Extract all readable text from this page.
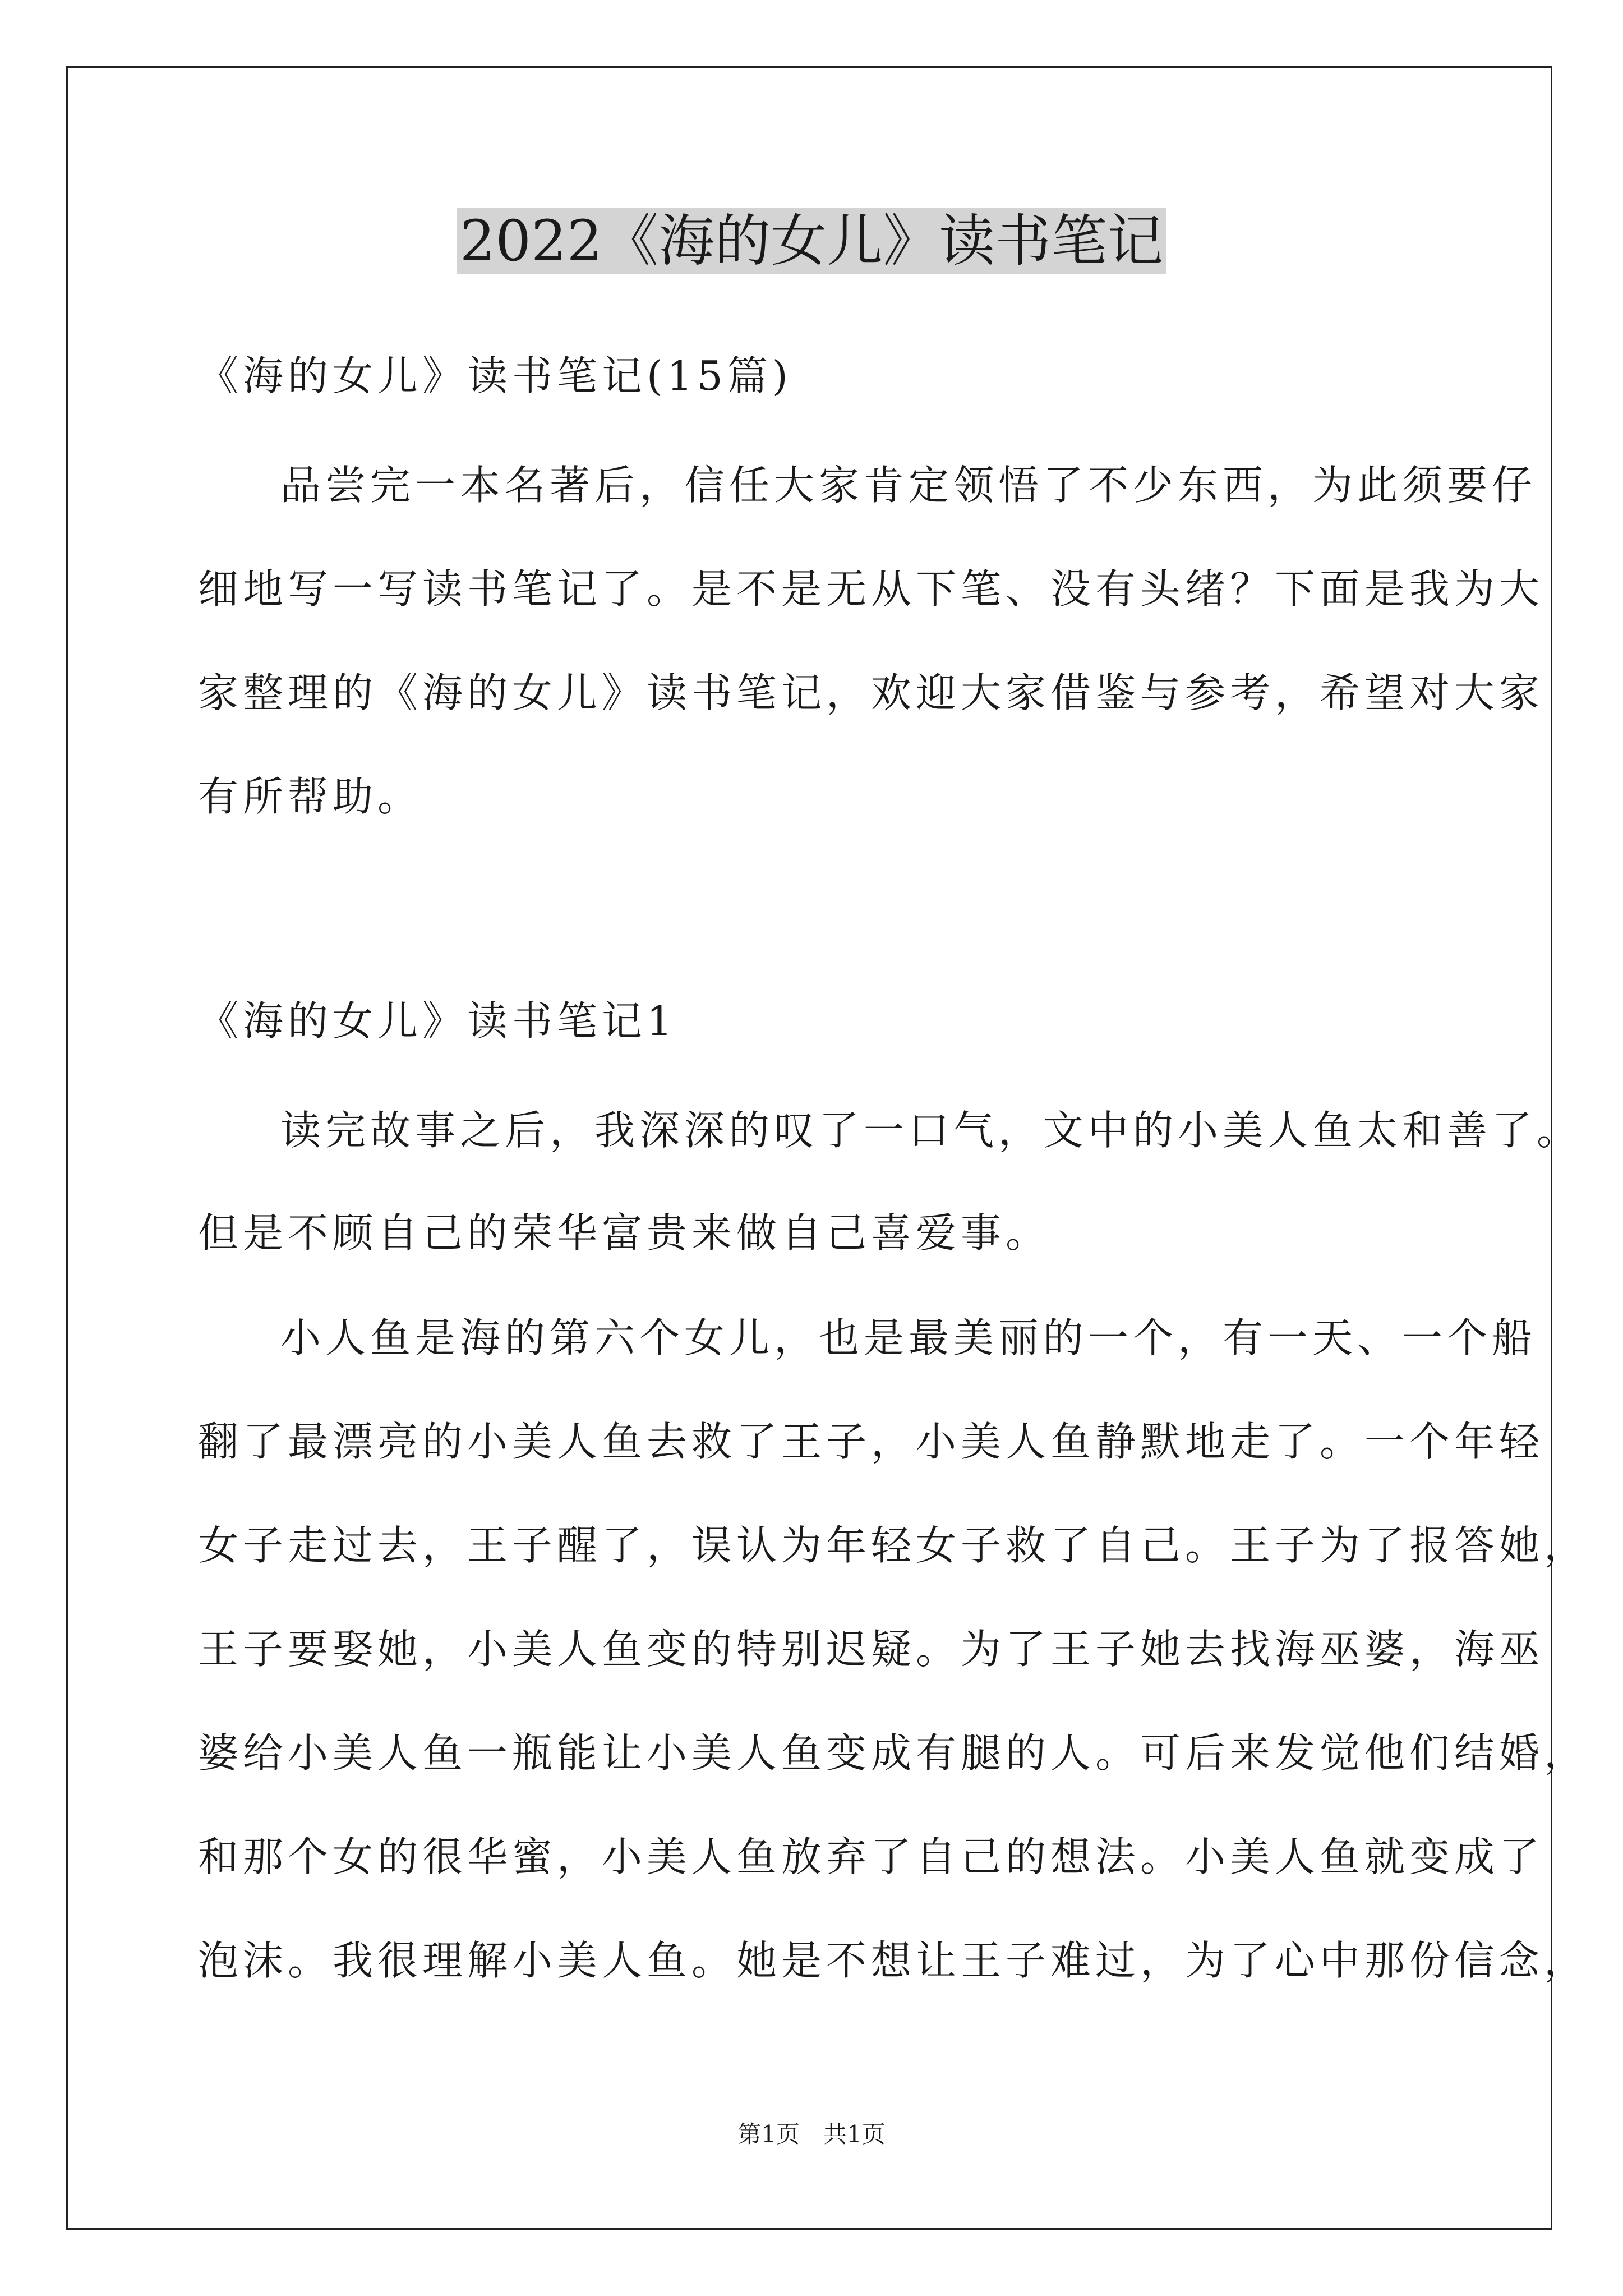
2022《海的女儿》读书笔记
《海的女儿》读书笔记(15篇)
品尝完一本名著后，信任大家肯定领悟了不少东西，为此须要仔
细地写一写读书笔记了。是不是无从下笔、没有头绪？下面是我为大
家整理的《海的女儿》读书笔记，欢迎大家借鉴与参考，希望对大家
有所帮助。
《海的女儿》读书笔记1
读完故事之后，我深深的叹了一口气，文中的小美人鱼太和善了。
但是不顾自己的荣华富贵来做自己喜爱事。
小人鱼是海的第六个女儿，也是最美丽的一个，有一天、一个船
翻了最漂亮的小美人鱼去救了王子，小美人鱼静默地走了。一个年轻
女子走过去，王子醒了，误认为年轻女子救了自己。王子为了报答她，
王子要娶她，小美人鱼变的特别迟疑。为了王子她去找海巫婆，海巫
婆给小美人鱼一瓶能让小美人鱼变成有腿的人。可后来发觉他们结婚，
和那个女的很华蜜，小美人鱼放弃了自己的想法。小美人鱼就变成了
泡沫。我很理解小美人鱼。她是不想让王子难过，为了心中那份信念，
第1页　共1页
